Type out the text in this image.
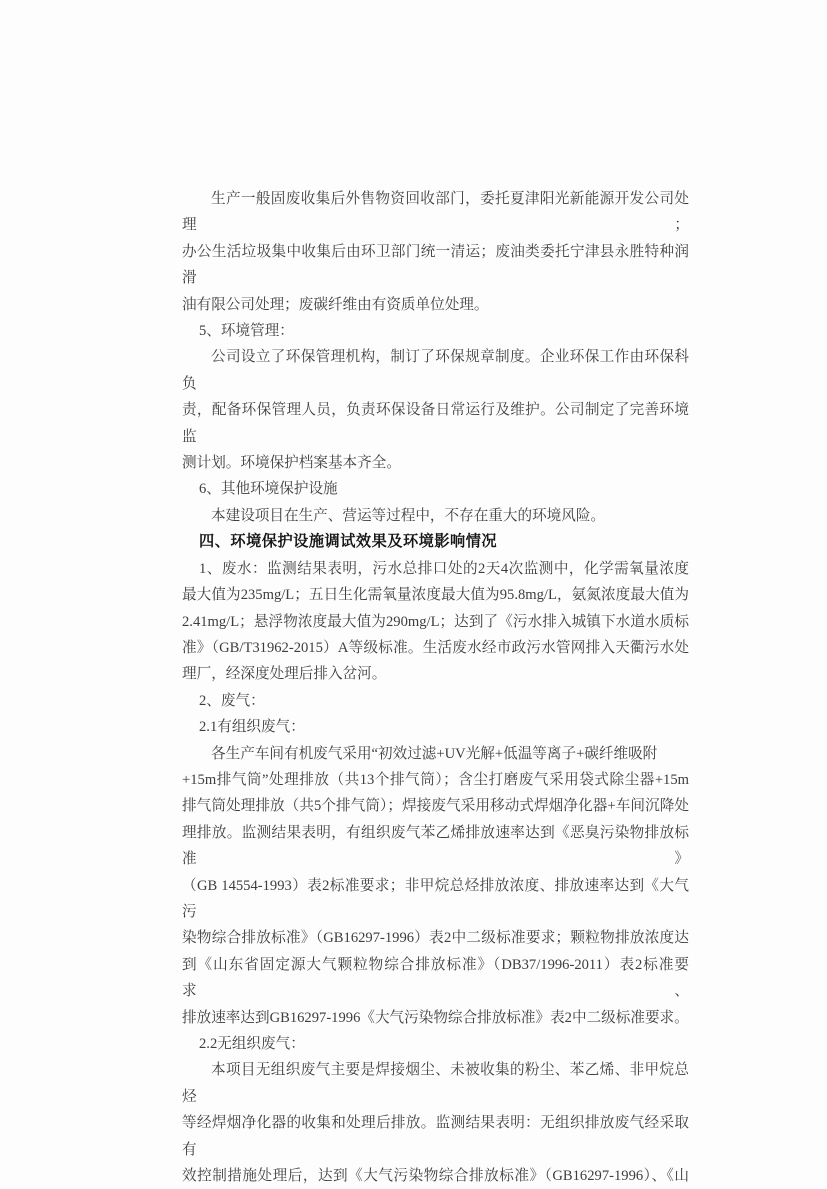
生产一般固废收集后外售物资回收部门，委托夏津阳光新能源开发公司处理；
办公生活垃圾集中收集后由环卫部门统一清运；废油类委托宁津县永胜特种润滑
油有限公司处理；废碳纤维由有资质单位处理。
5、环境管理：
公司设立了环保管理机构，制订了环保规章制度。企业环保工作由环保科负
责，配备环保管理人员，负责环保设备日常运行及维护。公司制定了完善环境监
测计划。环境保护档案基本齐全。
6、其他环境保护设施
本建设项目在生产、营运等过程中，不存在重大的环境风险。
四、环境保护设施调试效果及环境影响情况
1、废水：监测结果表明，污水总排口处的2天4次监测中，化学需氧量浓度
最大值为235mg/L；五日生化需氧量浓度最大值为95.8mg/L，氨氮浓度最大值为
2.41mg/L；悬浮物浓度最大值为290mg/L；达到了《污水排入城镇下水道水质标
准》（GB/T31962-2015）A等级标准。生活废水经市政污水管网排入天衢污水处
理厂，经深度处理后排入岔河。
2、废气：
2.1有组织废气：
各生产车间有机废气采用“初效过滤+UV光解+低温等离子+碳纤维吸附
+15m排气筒”处理排放（共13个排气筒）；含尘打磨废气采用袋式除尘器+15m
排气筒处理排放（共5个排气筒）；焊接废气采用移动式焊烟净化器+车间沉降处
理排放。监测结果表明，有组织废气苯乙烯排放速率达到《恶臭污染物排放标准》
（GB 14554-1993）表2标准要求；非甲烷总烃排放浓度、排放速率达到《大气污
染物综合排放标准》（GB16297-1996）表2中二级标准要求；颗粒物排放浓度达
到《山东省固定源大气颗粒物综合排放标准》（DB37/1996-2011）表2标准要求、
排放速率达到GB16297-1996《大气污染物综合排放标准》表2中二级标准要求。
2.2无组织废气：
本项目无组织废气主要是焊接烟尘、未被收集的粉尘、苯乙烯、非甲烷总烃
等经焊烟净化器的收集和处理后排放。监测结果表明：无组织排放废气经采取有
效控制措施处理后，达到《大气污染物综合排放标准》（GB16297-1996）、《山
